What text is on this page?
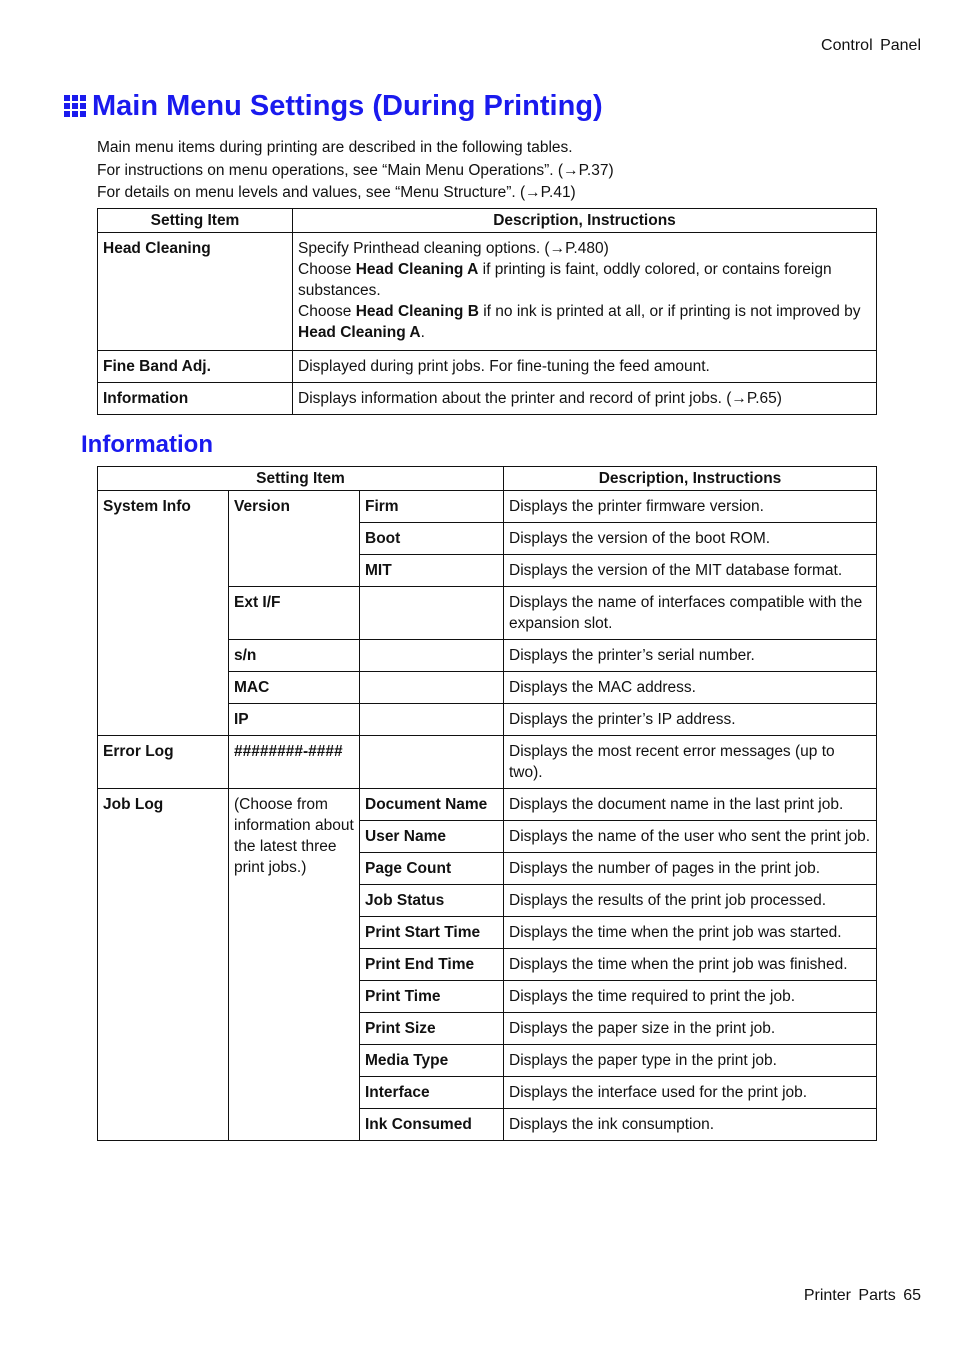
Control Panel
Main Menu Settings (During Printing)
Main menu items during printing are described in the following tables.
For instructions on menu operations, see “Main Menu Operations”. (→P.37)
For details on menu levels and values, see “Menu Structure”. (→P.41)
Setting Item	Description, Instructions
Head Cleaning	Specify Printhead cleaning options. (→P.480)
Choose Head Cleaning A if printing is faint, oddly colored, or contains foreign substances.
Choose Head Cleaning B if no ink is printed at all, or if printing is not improved by Head Cleaning A.
Fine Band Adj.	Displayed during print jobs. For fine-tuning the feed amount.
Information	Displays information about the printer and record of print jobs. (→P.65)
Information
Setting Item			Description, Instructions
System Info	Version	Firm	Displays the printer firmware version.
		Boot	Displays the version of the boot ROM.
		MIT	Displays the version of the MIT database format.
	Ext I/F		Displays the name of interfaces compatible with the expansion slot.
	s/n		Displays the printer’s serial number.
	MAC		Displays the MAC address.
	IP		Displays the printer’s IP address.
Error Log	########-####		Displays the most recent error messages (up to two).
Job Log	(Choose from information about the latest three print jobs.)	Document Name	Displays the document name in the last print job.
		User Name	Displays the name of the user who sent the print job.
		Page Count	Displays the number of pages in the print job.
		Job Status	Displays the results of the print job processed.
		Print Start Time	Displays the time when the print job was started.
		Print End Time	Displays the time when the print job was finished.
		Print Time	Displays the time required to print the job.
		Print Size	Displays the paper size in the print job.
		Media Type	Displays the paper type in the print job.
		Interface	Displays the interface used for the print job.
		Ink Consumed	Displays the ink consumption.
Printer Parts 65
